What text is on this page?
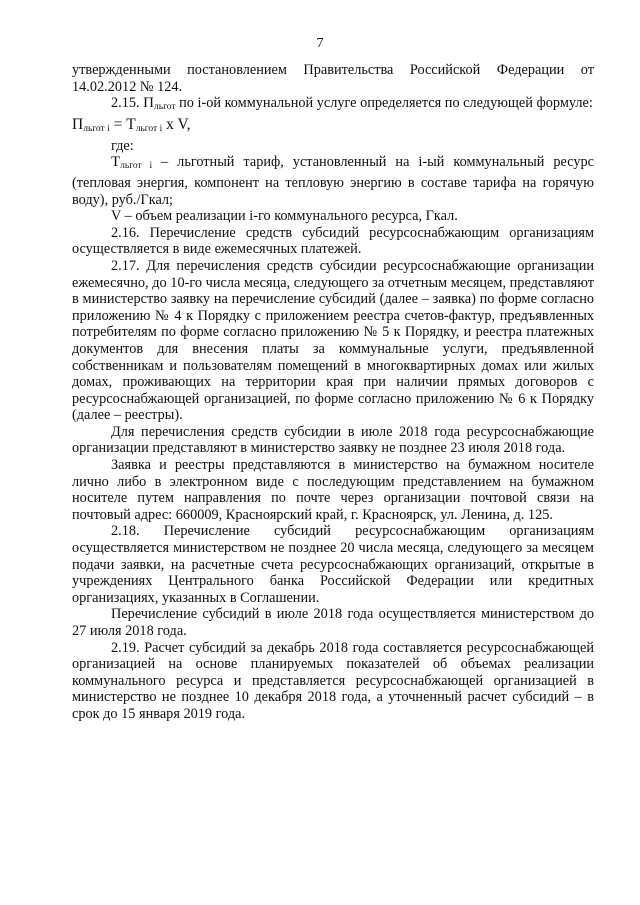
7

утвержденными постановлением Правительства Российской Федерации от 14.02.2012 № 124.

2.15. $П_{льгот}$ по i-ой коммунальной услуге определяется по следующей формуле:

$П_{льгот i} = Т_{льгот i}$ x V,

где:

$Т_{льгот i}$ – льготный тариф, установленный на i-ый коммунальный ресурс (тепловая энергия, компонент на тепловую энергию в составе тарифа на горячую воду), руб./Гкал;

V – объем реализации i-го коммунального ресурса, Гкал.

2.16. Перечисление средств субсидий ресурсоснабжающим организациям осуществляется в виде ежемесячных платежей.

2.17. Для перечисления средств субсидии ресурсоснабжающие организации ежемесячно, до 10-го числа месяца, следующего за отчетным месяцем, представляют в министерство заявку на перечисление субсидий (далее – заявка) по форме согласно приложению № 4 к Порядку с приложением реестра счетов-фактур, предъявленных потребителям по форме согласно приложению № 5 к Порядку, и реестра платежных документов для внесения платы за коммунальные услуги, предъявленной собственникам и пользователям помещений в многоквартирных домах или жилых домах, проживающих на территории края при наличии прямых договоров с ресурсоснабжающей организацией, по форме согласно приложению № 6 к Порядку (далее – реестры).

Для перечисления средств субсидии в июле 2018 года ресурсоснабжающие организации представляют в министерство заявку не позднее 23 июля 2018 года.

Заявка и реестры представляются в министерство на бумажном носителе лично либо в электронном виде с последующим представлением на бумажном носителе путем направления по почте через организации почтовой связи на почтовый адрес: 660009, Красноярский край, г. Красноярск, ул. Ленина, д. 125.

2.18. Перечисление субсидий ресурсоснабжающим организациям осуществляется министерством не позднее 20 числа месяца, следующего за месяцем подачи заявки, на расчетные счета ресурсоснабжающих организаций, открытые в учреждениях Центрального банка Российской Федерации или кредитных организациях, указанных в Соглашении.

Перечисление субсидий в июле 2018 года осуществляется министерством до 27 июля 2018 года.

2.19. Расчет субсидий за декабрь 2018 года составляется ресурсоснабжающей организацией на основе планируемых показателей об объемах реализации коммунального ресурса и представляется ресурсоснабжающей организацией в министерство не позднее 10 декабря 2018 года, а уточненный расчет субсидий – в срок до 15 января 2019 года.
